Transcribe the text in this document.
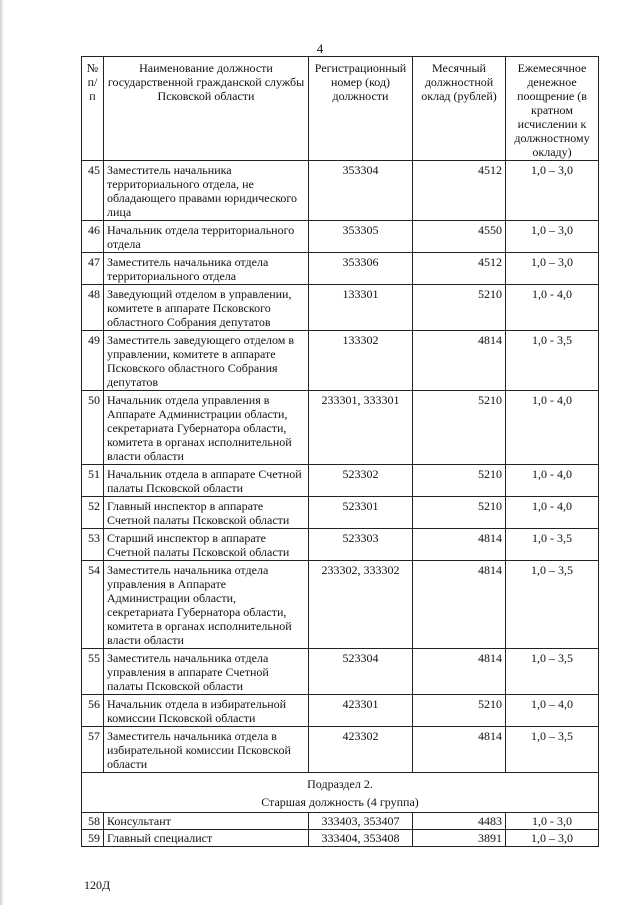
4
№ п/п	Наименование должности государственной гражданской службы Псковской области	Регистрационный номер (код) должности	Месячный должностной оклад (рублей)	Ежемесячное денежное поощрение (в кратном исчислении к должностному окладу)
45	Заместитель начальника территориального отдела, не обладающего правами юридического лица	353304	4512	1,0 – 3,0
46	Начальник отдела территориального отдела	353305	4550	1,0 – 3,0
47	Заместитель начальника отдела территориального отдела	353306	4512	1,0 – 3,0
48	Заведующий отделом в управлении, комитете в аппарате Псковского областного Собрания депутатов	133301	5210	1,0 - 4,0
49	Заместитель заведующего отделом в управлении, комитете в аппарате Псковского областного Собрания депутатов	133302	4814	1,0 - 3,5
50	Начальник отдела управления в Аппарате Администрации области, секретариата Губернатора области, комитета в органах исполнительной власти области	233301, 333301	5210	1,0 - 4,0
51	Начальник отдела в аппарате Счетной палаты Псковской области	523302	5210	1,0 - 4,0
52	Главный инспектор в аппарате Счетной палаты Псковской области	523301	5210	1,0 - 4,0
53	Старший инспектор в аппарате Счетной палаты Псковской области	523303	4814	1,0 - 3,5
54	Заместитель начальника отдела управления в Аппарате Администрации области, секретариата Губернатора области, комитета в органах исполнительной власти области	233302, 333302	4814	1,0 – 3,5
55	Заместитель начальника отдела управления в аппарате Счетной палаты Псковской области	523304	4814	1,0 – 3,5
56	Начальник отдела в избирательной комиссии Псковской области	423301	5210	1,0 – 4,0
57	Заместитель начальника отдела в избирательной комиссии Псковской области	423302	4814	1,0 – 3,5

Подраздел 2.
Старшая должность (4 группа)				

58	Консультант	333403, 353407	4483	1,0 - 3,0
59	Главный специалист	333404, 353408	3891	1,0 – 3,0
120Д
